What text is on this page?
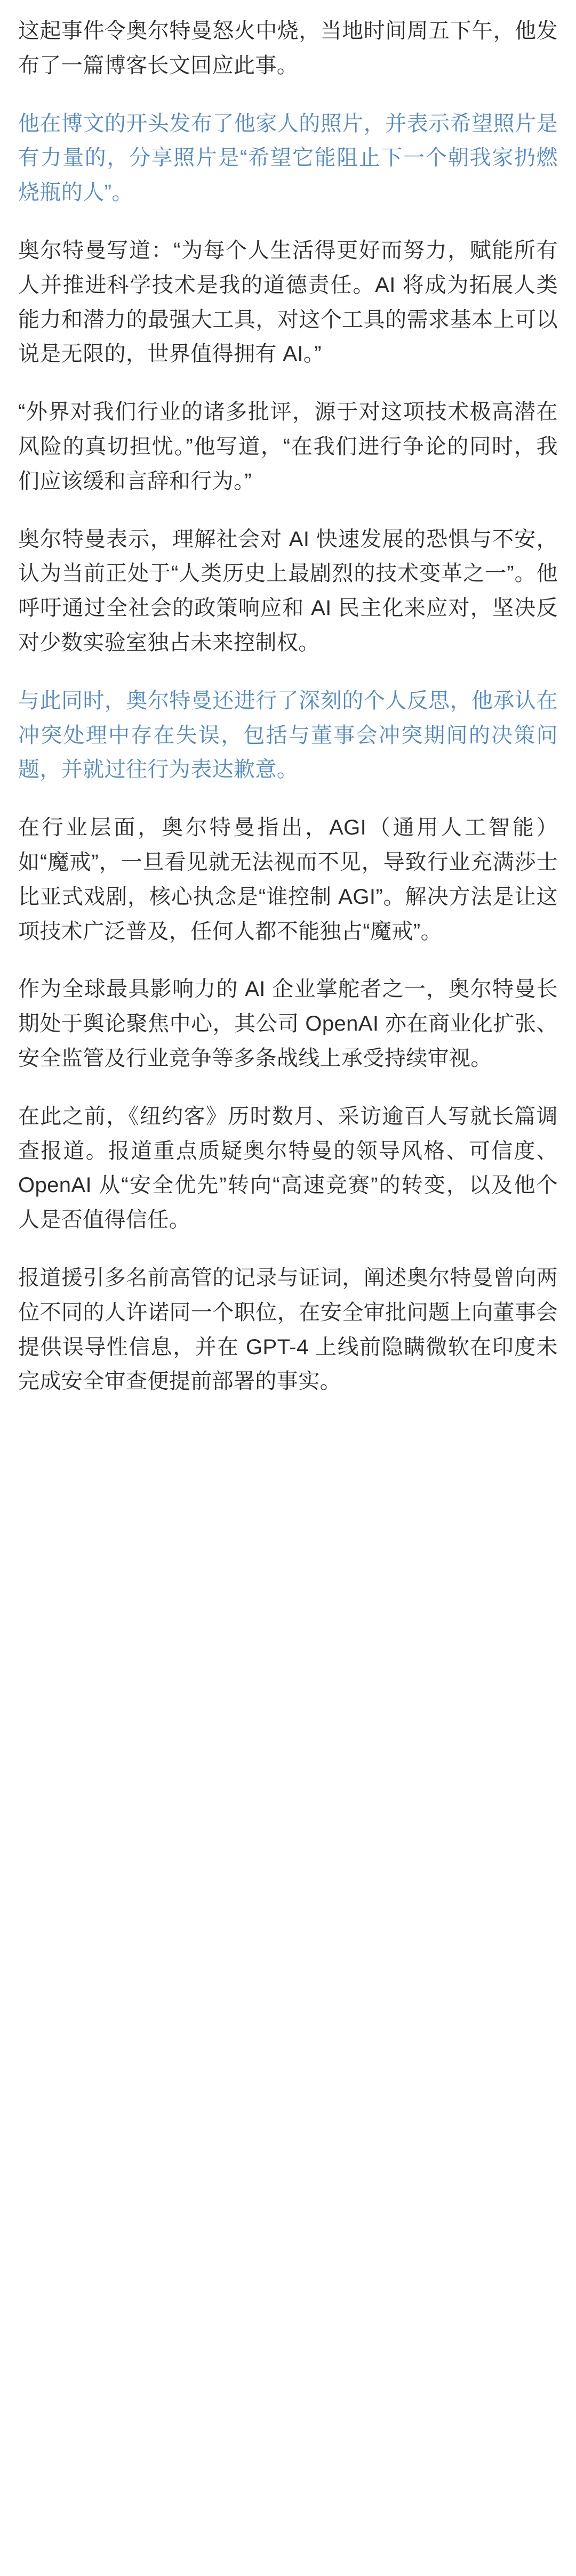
这起事件令奥尔特曼怒火中烧，当地时间周五下午，他发布了一篇博客长文回应此事。

他在博文的开头发布了他家人的照片，并表示希望照片是有力量的，分享照片是“希望它能阻止下一个朝我家扔燃烧瓶的人”。

奥尔特曼写道：“为每个人生活得更好而努力，赋能所有人并推进科学技术是我的道德责任。AI 将成为拓展人类能力和潜力的最强大工具，对这个工具的需求基本上可以说是无限的，世界值得拥有 AI。”

“外界对我们行业的诸多批评，源于对这项技术极高潜在风险的真切担忧。”他写道，“在我们进行争论的同时，我们应该缓和言辞和行为。”

奥尔特曼表示，理解社会对 AI 快速发展的恐惧与不安，认为当前正处于“人类历史上最剧烈的技术变革之一”。他呼吁通过全社会的政策响应和 AI 民主化来应对，坚决反对少数实验室独占未来控制权。

与此同时，奥尔特曼还进行了深刻的个人反思，他承认在冲突处理中存在失误，包括与董事会冲突期间的决策问题，并就过往行为表达歉意。

在行业层面，奥尔特曼指出，AGI（通用人工智能） 如“魔戒”，一旦看见就无法视而不见，导致行业充满莎士比亚式戏剧，核心执念是“谁控制 AGI”。解决方法是让这项技术广泛普及，任何人都不能独占“魔戒”。

作为全球最具影响力的 AI 企业掌舵者之一，奥尔特曼长期处于舆论聚焦中心，其公司 OpenAI 亦在商业化扩张、安全监管及行业竞争等多条战线上承受持续审视。

在此之前，《纽约客》历时数月、采访逾百人写就长篇调查报道。报道重点质疑奥尔特曼的领导风格、可信度、OpenAI 从“安全优先”转向“高速竞赛”的转变，以及他个人是否值得信任。

报道援引多名前高管的记录与证词，阐述奥尔特曼曾向两位不同的人许诺同一个职位，在安全审批问题上向董事会提供误导性信息，并在 GPT-4 上线前隐瞒微软在印度未完成安全审查便提前部署的事实。
